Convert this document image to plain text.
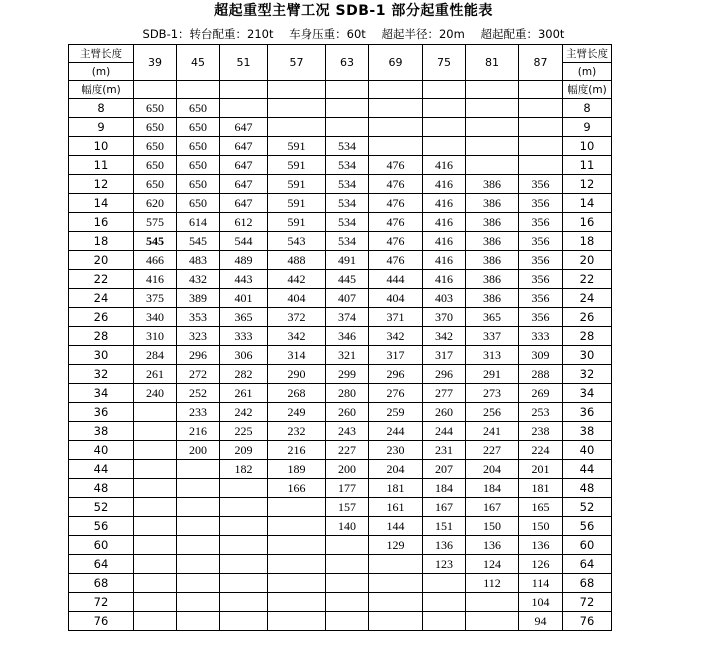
超起重型主臂工况 SDB-1 部分起重性能表
SDB-1：转台配重：210t 车身压重：60t 超起半径：20m 超起配重：300t
主臂长度	39	45	51	57	63	69	75	81	87	主臂长度
(m)										(m)
幅度(m)										幅度(m)
8	650	650								8
9	650	650	647							9
10	650	650	647	591	534					10
11	650	650	647	591	534	476	416			11
12	650	650	647	591	534	476	416	386	356	12
14	620	650	647	591	534	476	416	386	356	14
16	575	614	612	591	534	476	416	386	356	16
18	545	545	544	543	534	476	416	386	356	18
20	466	483	489	488	491	476	416	386	356	20
22	416	432	443	442	445	444	416	386	356	22
24	375	389	401	404	407	404	403	386	356	24
26	340	353	365	372	374	371	370	365	356	26
28	310	323	333	342	346	342	342	337	333	28
30	284	296	306	314	321	317	317	313	309	30
32	261	272	282	290	299	296	296	291	288	32
34	240	252	261	268	280	276	277	273	269	34
36		233	242	249	260	259	260	256	253	36
38		216	225	232	243	244	244	241	238	38
40		200	209	216	227	230	231	227	224	40
44			182	189	200	204	207	204	201	44
48				166	177	181	184	184	181	48
52					157	161	167	167	165	52
56					140	144	151	150	150	56
60						129	136	136	136	60
64							123	124	126	64
68								112	114	68
72									104	72
76									94	76
